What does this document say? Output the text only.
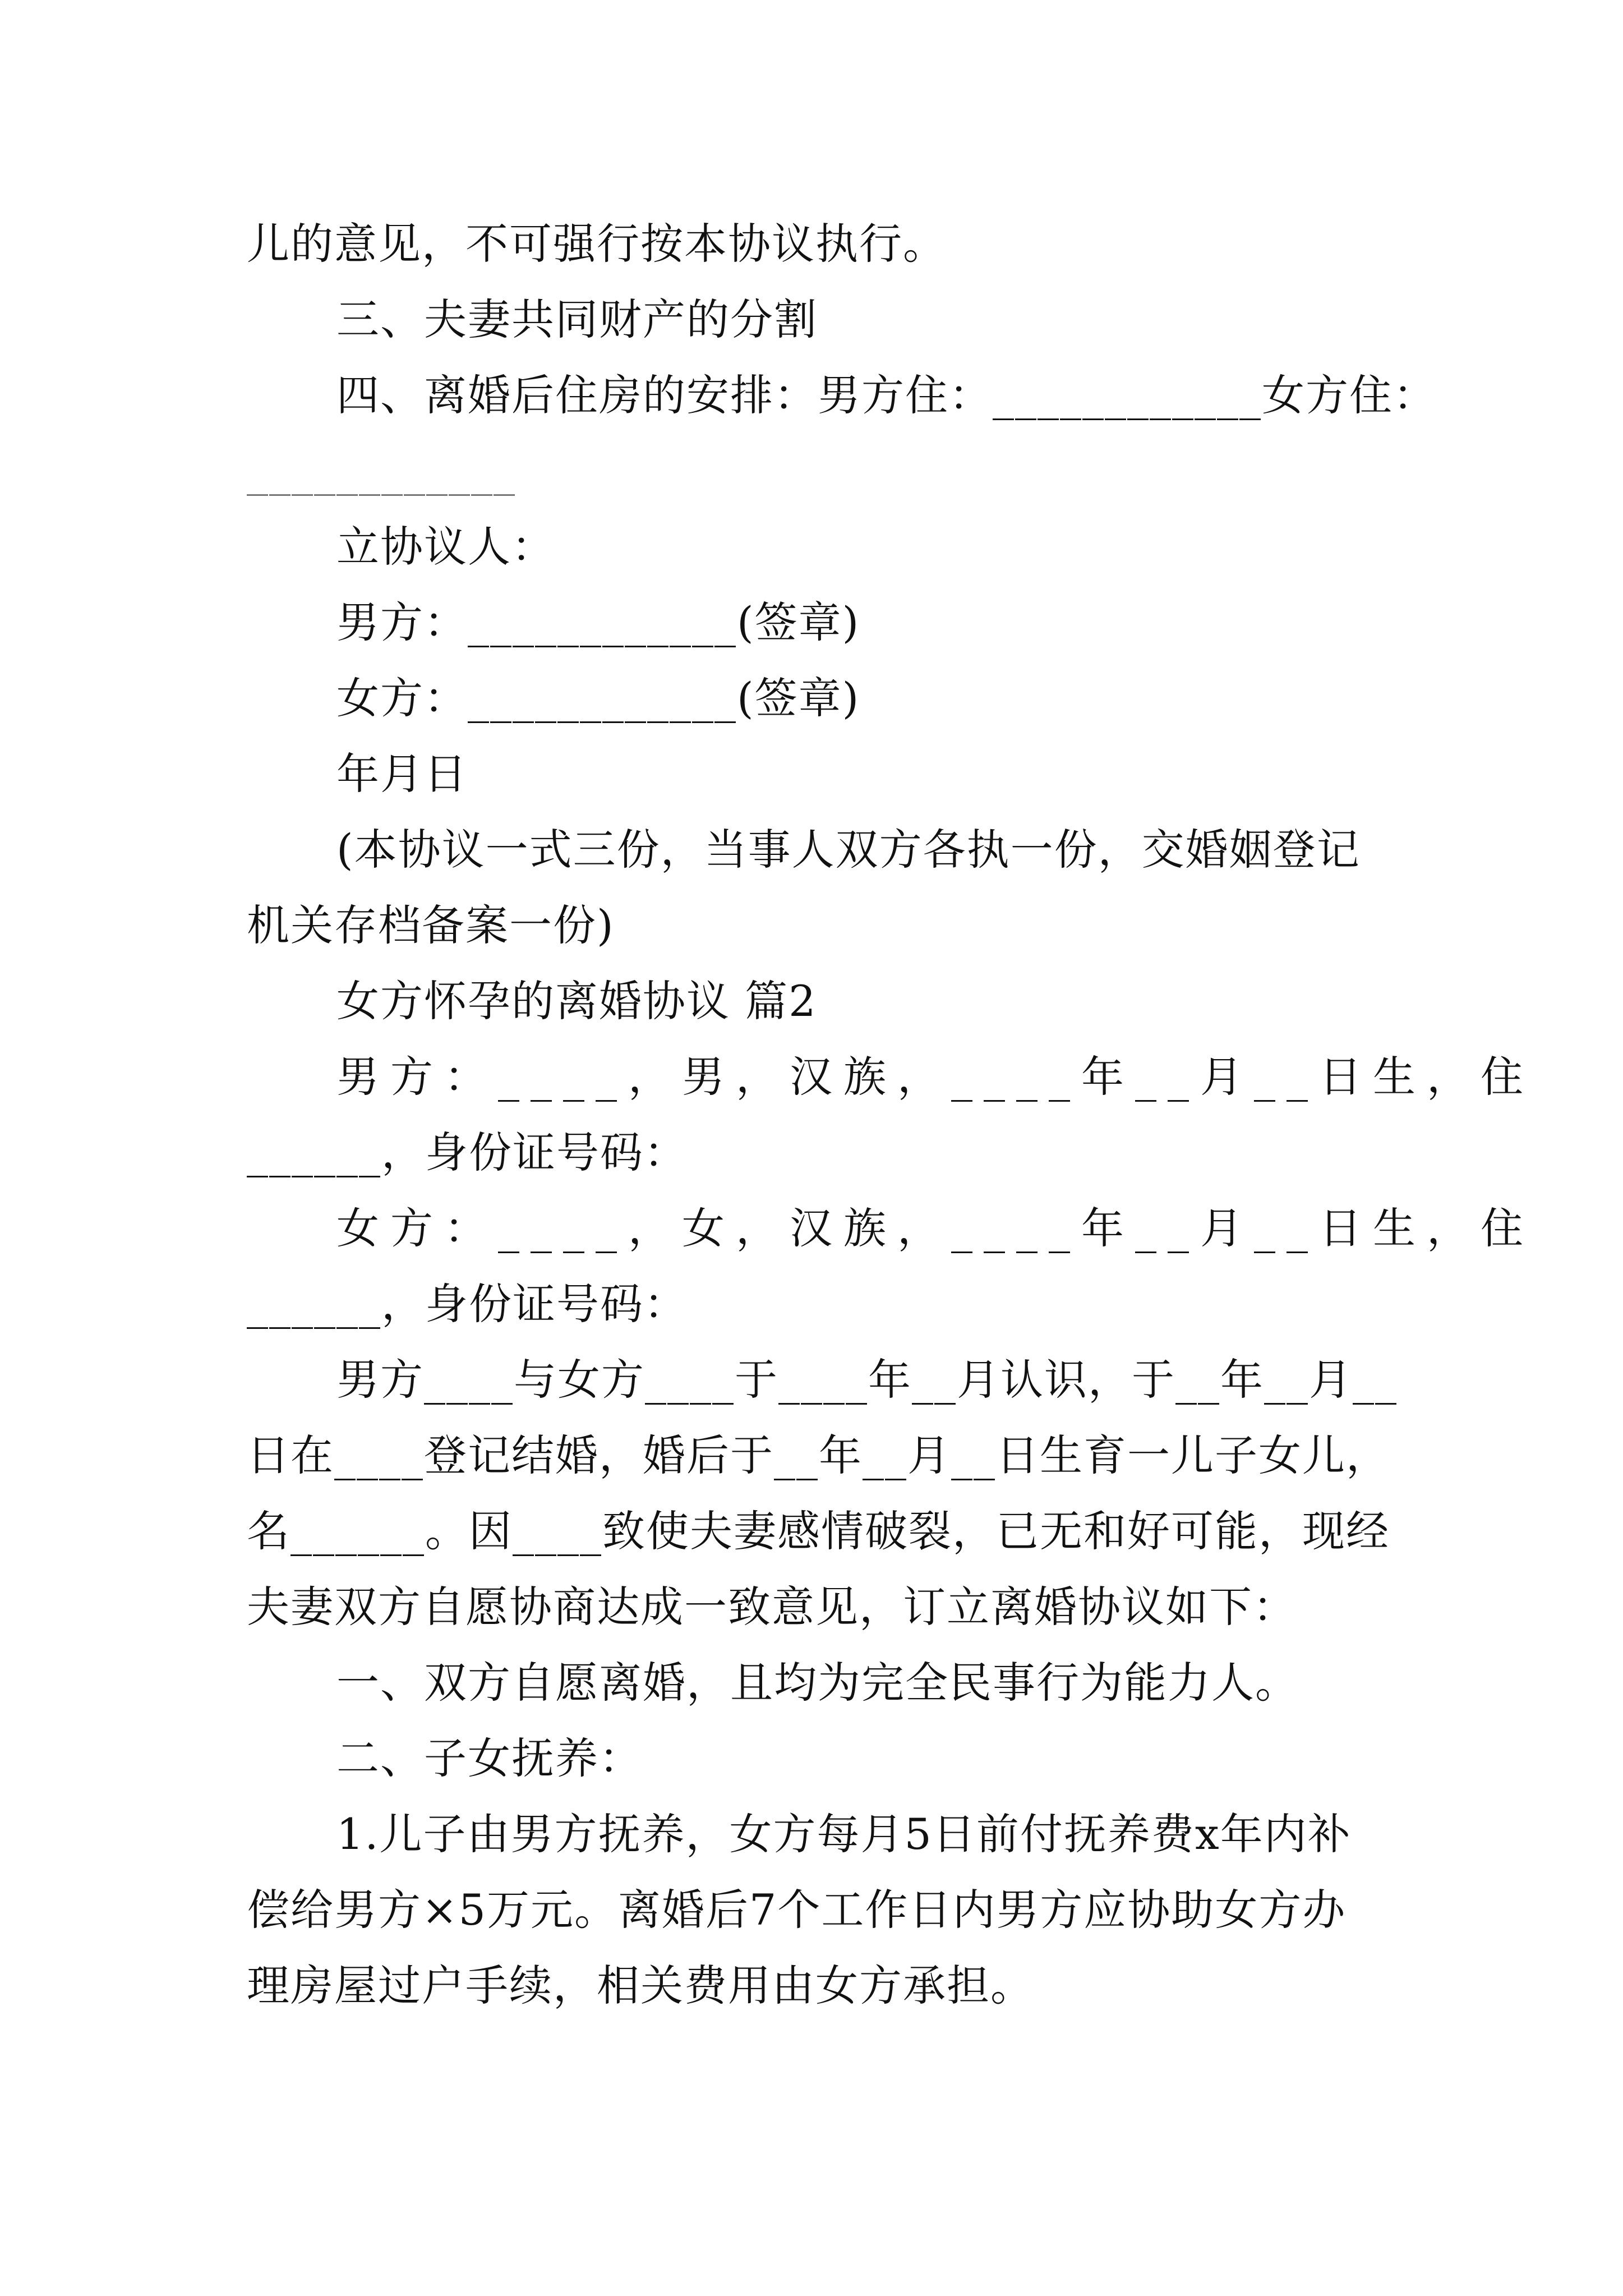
儿的意见，不可强行按本协议执行。
三、夫妻共同财产的分割
四、离婚后住房的安排：男方住：____________女方住：
____________
立协议人：
男方：____________(签章)
女方：____________(签章)
年月日
(本协议一式三份，当事人双方各执一份，交婚姻登记
机关存档备案一份)
女方怀孕的离婚协议 篇2
男方：____，男，汉族，____年__月__日生，住
______，身份证号码：
女方：____，女，汉族，____年__月__日生，住
______，身份证号码：
男方____与女方____于____年__月认识，于__年__月__
日在____登记结婚，婚后于__年__月__日生育一儿子女儿，
名______。因____致使夫妻感情破裂，已无和好可能，现经
夫妻双方自愿协商达成一致意见，订立离婚协议如下：
一、双方自愿离婚，且均为完全民事行为能力人。
二、子女抚养：
1.儿子由男方抚养，女方每月5日前付抚养费x年内补
偿给男方×5万元。离婚后7个工作日内男方应协助女方办
理房屋过户手续，相关费用由女方承担。
